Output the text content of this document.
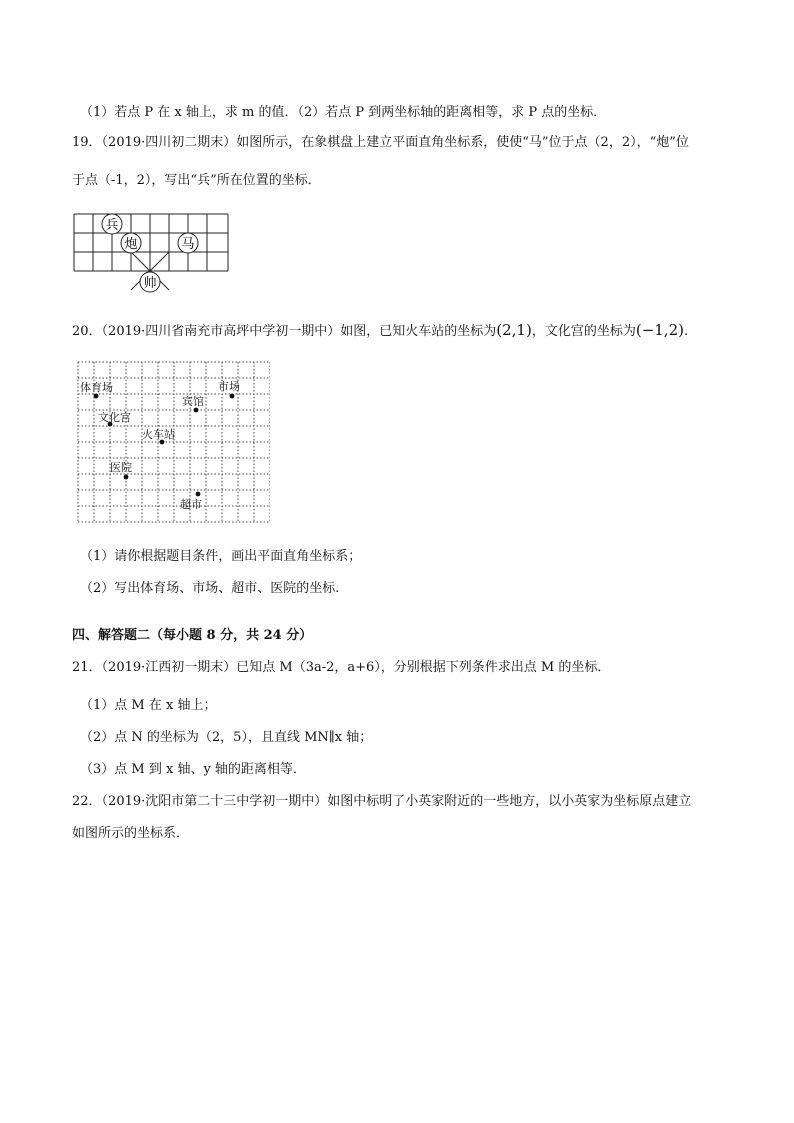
（1）若点 P 在 x 轴上，求 m 的值．（2）若点 P 到两坐标轴的距离相等，求 P 点的坐标．
19．（2019·四川初二期末）如图所示，在象棋盘上建立平面直角坐标系，使使“马”位于点（2，2），“炮”位
于点（-1，2），写出“兵”所在位置的坐标．
兵
炮	马
帅
20．（2019·四川省南充市高坪中学初一期中）如图，已知火车站的坐标为(2,1)，文化宫的坐标为(−1,2).
体育场
宾馆
市场
文化宫
火车站
医院
超市
（1）请你根据题目条件，画出平面直角坐标系；
（2）写出体育场、市场、超市、医院的坐标.
四、解答题二（每小题 8 分，共 24 分）
21．（2019·江西初一期末）已知点 M（3a-2，a+6），分别根据下列条件求出点 M 的坐标．
（1）点 M 在 x 轴上；
（2）点 N 的坐标为（2，5），且直线 MN∥x 轴；
（3）点 M 到 x 轴、y 轴的距离相等．
22．（2019·沈阳市第二十三中学初一期中）如图中标明了小英家附近的一些地方，以小英家为坐标原点建立
如图所示的坐标系．
